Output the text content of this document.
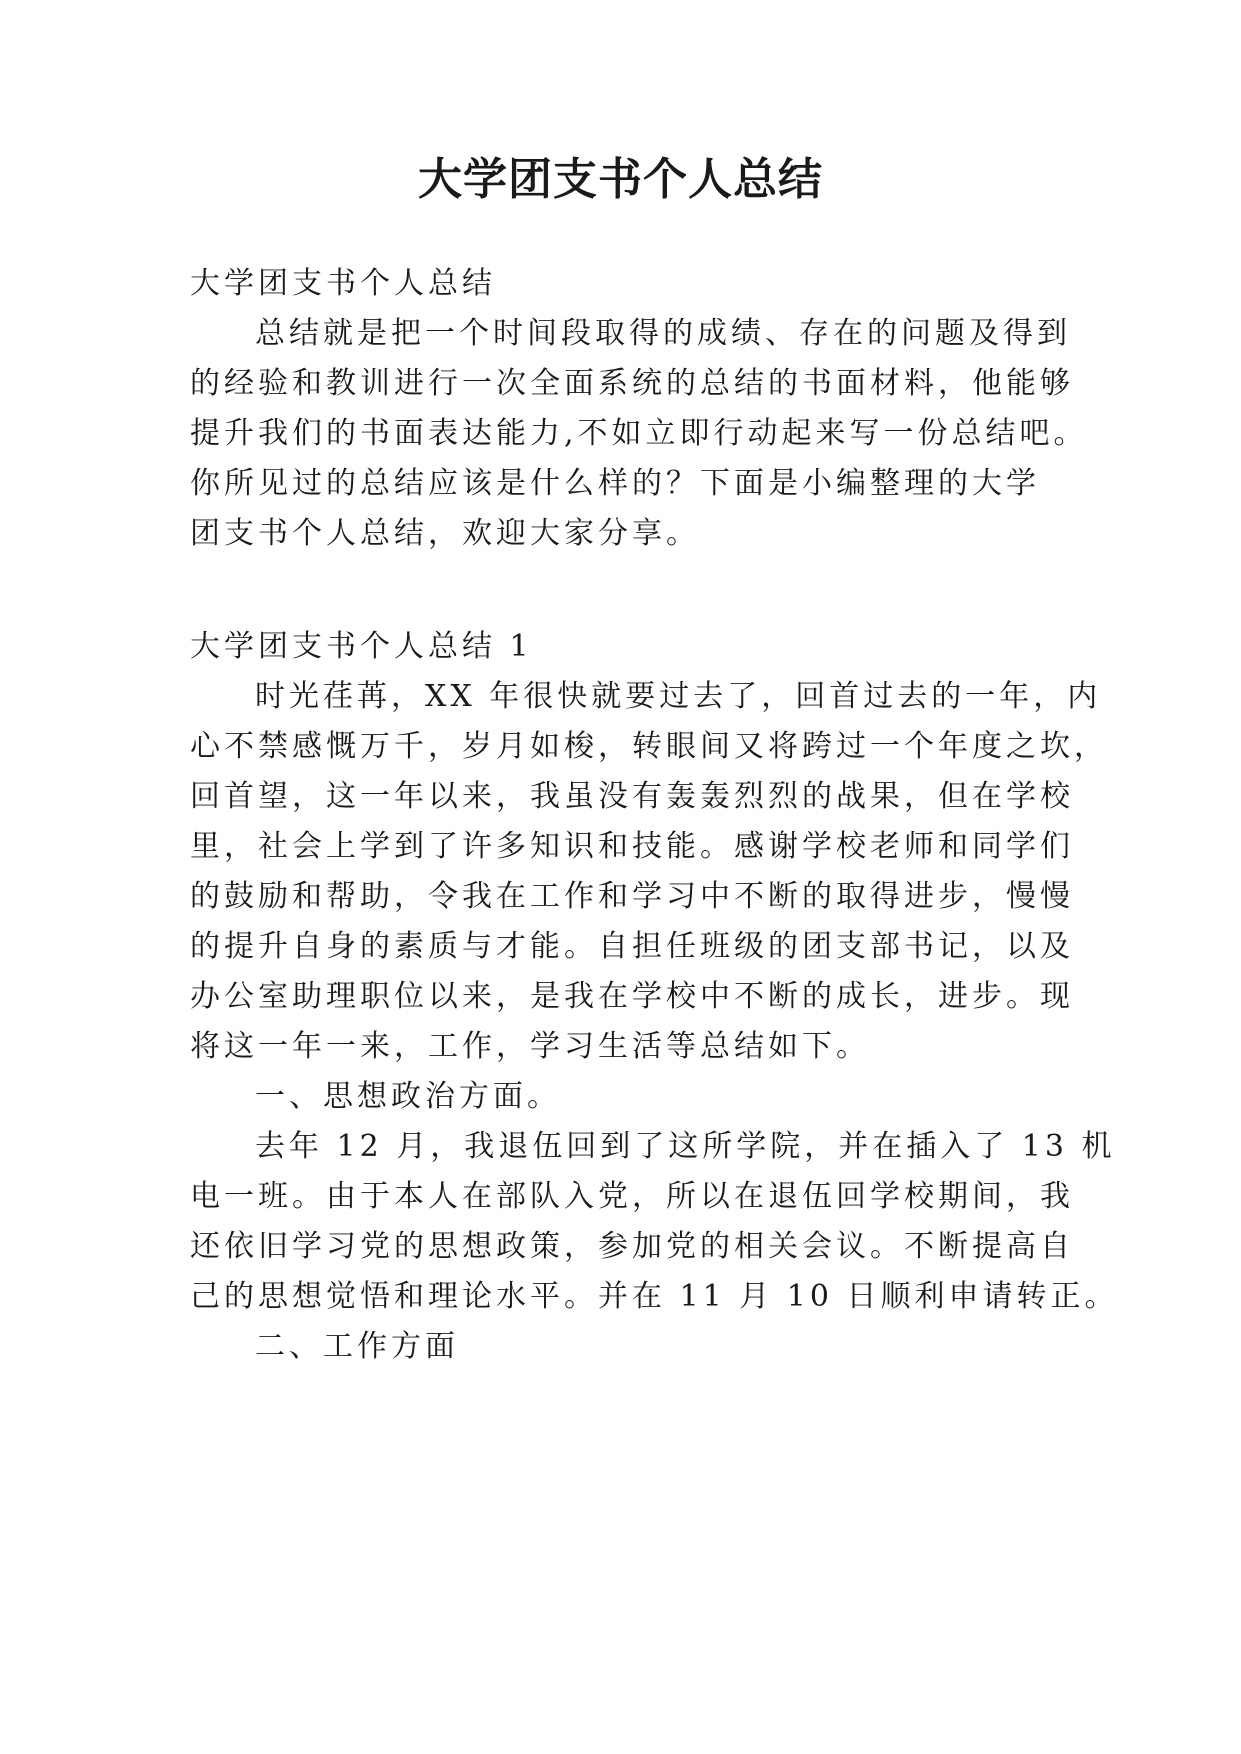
大学团支书个人总结

大学团支书个人总结

总结就是把一个时间段取得的成绩、存在的问题及得到

的经验和教训进行一次全面系统的总结的书面材料，他能够

提升我们的书面表达能力,不如立即行动起来写一份总结吧。

你所见过的总结应该是什么样的？下面是小编整理的大学

团支书个人总结，欢迎大家分享。

大学团支书个人总结 1

时光荏苒，XX 年很快就要过去了，回首过去的一年，内

心不禁感慨万千，岁月如梭，转眼间又将跨过一个年度之坎，

回首望，这一年以来，我虽没有轰轰烈烈的战果，但在学校

里，社会上学到了许多知识和技能。感谢学校老师和同学们

的鼓励和帮助，令我在工作和学习中不断的取得进步，慢慢

的提升自身的素质与才能。自担任班级的团支部书记，以及

办公室助理职位以来，是我在学校中不断的成长，进步。现

将这一年一来，工作，学习生活等总结如下。

一、思想政治方面。

去年 12 月，我退伍回到了这所学院，并在插入了 13 机

电一班。由于本人在部队入党，所以在退伍回学校期间，我

还依旧学习党的思想政策，参加党的相关会议。不断提高自

己的思想觉悟和理论水平。并在 11 月 10 日顺利申请转正。

二、工作方面
